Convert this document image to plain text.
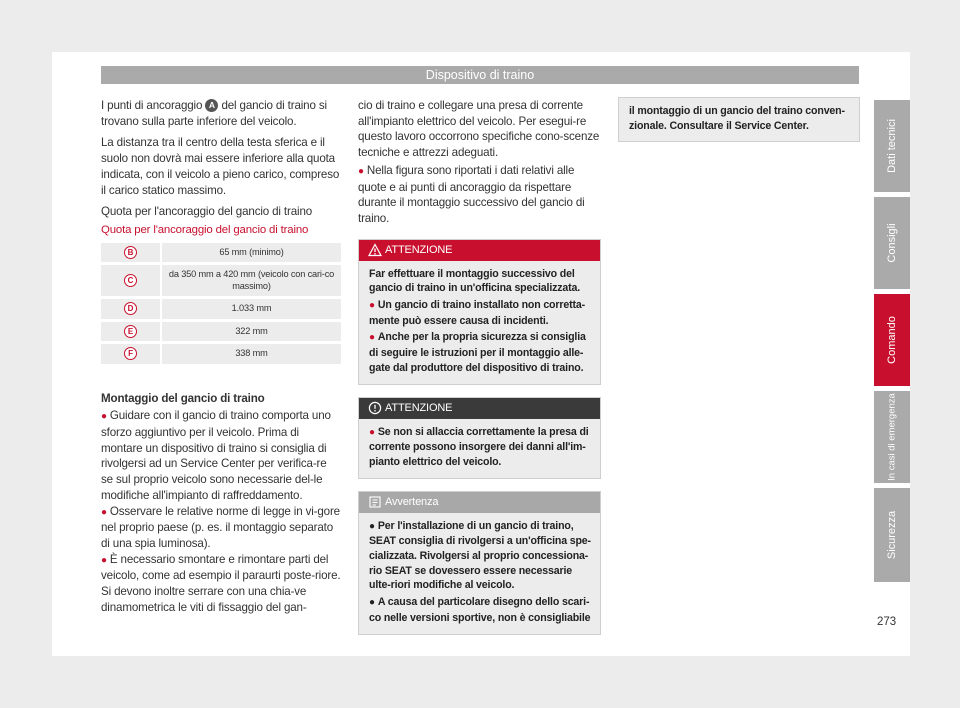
Dispositivo di traino

I punti di ancoraggio A del gancio di traino si trovano sulla parte inferiore del veicolo.

La distanza tra il centro della testa sferica e il suolo non dovrà mai essere inferiore alla quota indicata, con il veicolo a pieno carico, compreso il carico statico massimo.

Quota per l'ancoraggio del gancio di traino

Quota per l'ancoraggio del gancio di traino
B	65 mm (minimo)
C	da 350 mm a 420 mm (veicolo con cari-co massimo)
D	1.033 mm
E	322 mm
F	338 mm
Montaggio del gancio di traino
● Guidare con il gancio di traino comporta uno sforzo aggiuntivo per il veicolo. Prima di montare un dispositivo di traino si consiglia di rivolgersi ad un Service Center per verifica-re se sul proprio veicolo sono necessarie del-le modifiche all'impianto di raffreddamento.
● Osservare le relative norme di legge in vi-gore nel proprio paese (p. es. il montaggio separato di una spia luminosa).
● È necessario smontare e rimontare parti del veicolo, come ad esempio il paraurti poste-riore. Si devono inoltre serrare con una chia-ve dinamometrica le viti di fissaggio del gan-

cio di traino e collegare una presa di corrente all'impianto elettrico del veicolo. Per esegui-re questo lavoro occorrono specifiche cono-scenze tecniche e attrezzi adeguati.

● Nella figura sono riportati i dati relativi alle quote e ai punti di ancoraggio da rispettare durante il montaggio successivo del gancio di traino.
ATTENZIONE

Far effettuare il montaggio successivo del gancio di traino in un'officina specializzata.

● Un gancio di traino installato non corretta-mente può essere causa di incidenti.

● Anche per la propria sicurezza si consiglia di seguire le istruzioni per il montaggio alle-gate dal produttore del dispositivo di traino.

ATTENZIONE

● Se non si allaccia correttamente la presa di corrente possono insorgere dei danni all'im-pianto elettrico del veicolo.

Avvertenza

● Per l'installazione di un gancio di traino, SEAT consiglia di rivolgersi a un'officina spe-cializzata. Rivolgersi al proprio concessiona-rio SEAT se dovessero essere necessarie ulte-riori modifiche al veicolo.

● A causa del particolare disegno dello scari-co nelle versioni sportive, non è consigliabile

il montaggio di un gancio del traino conven-zionale. Consultare il Service Center.	Dati tecnici
Consigli
Comando
In casi di emergenza
Sicurezza
273
